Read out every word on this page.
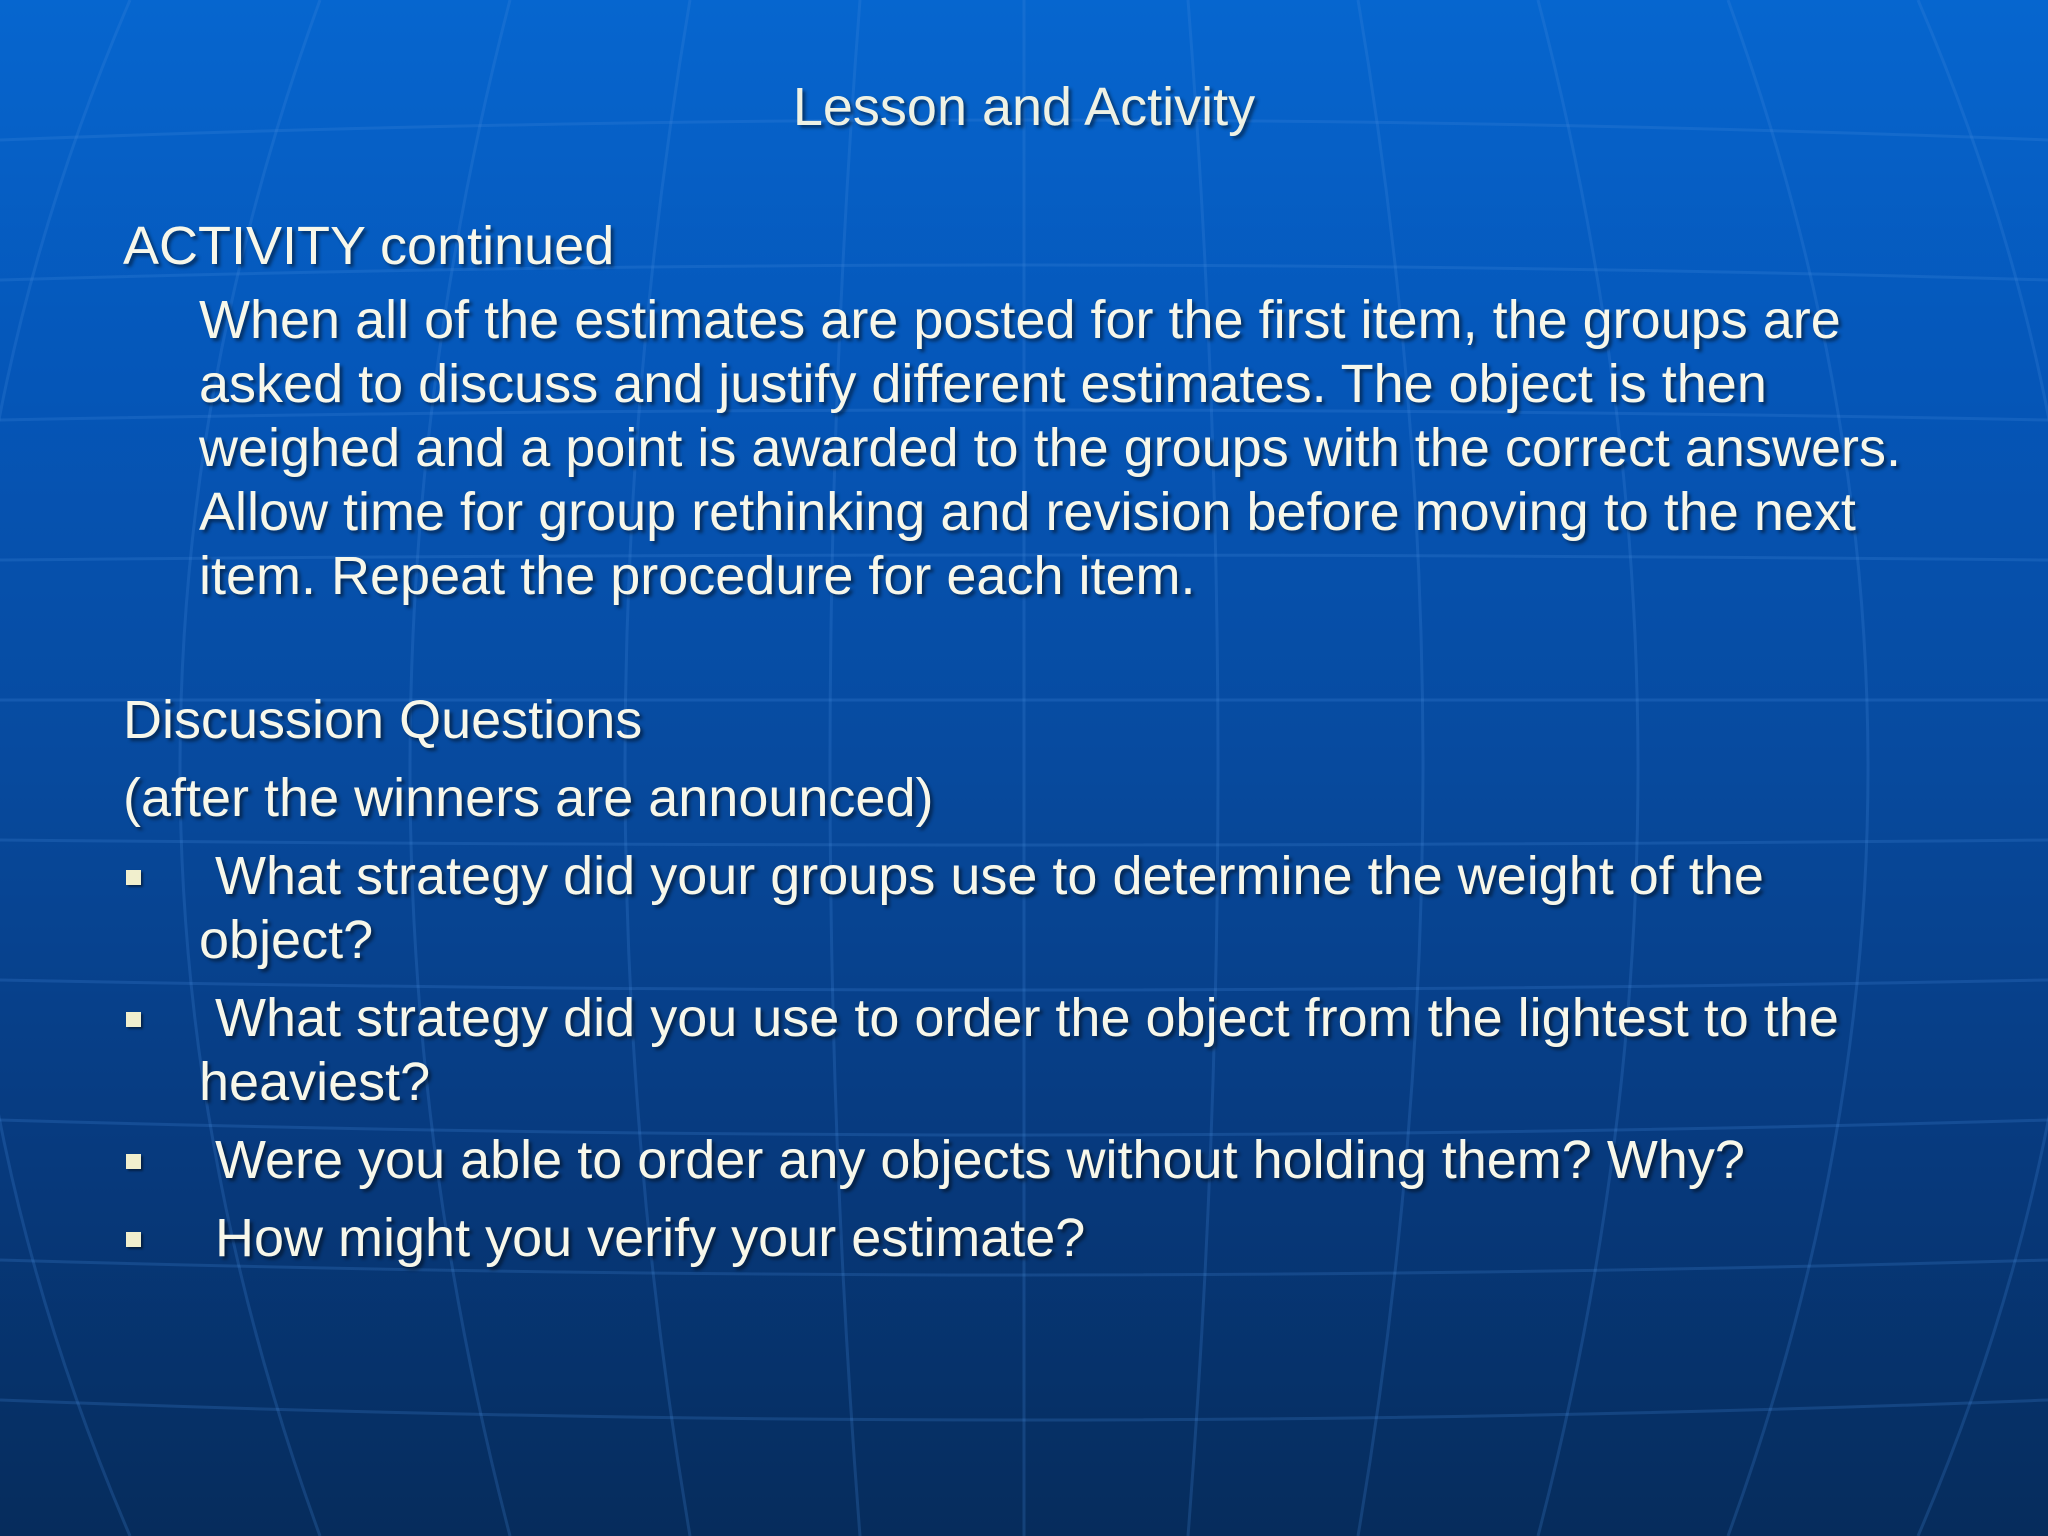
Lesson and Activity
ACTIVITY continued
When all of the estimates are posted for the first item, the groups are asked to discuss and justify different estimates. The object is then weighed and a point is awarded to the groups with the correct answers. Allow time for group rethinking and revision before moving to the next item. Repeat the procedure for each item.
Discussion Questions
(after the winners are announced)
What strategy did your groups use to determine the weight of the object?
What strategy did you use to order the object from the lightest to the heaviest?
Were you able to order any objects without holding them? Why?
How might you verify your estimate?
